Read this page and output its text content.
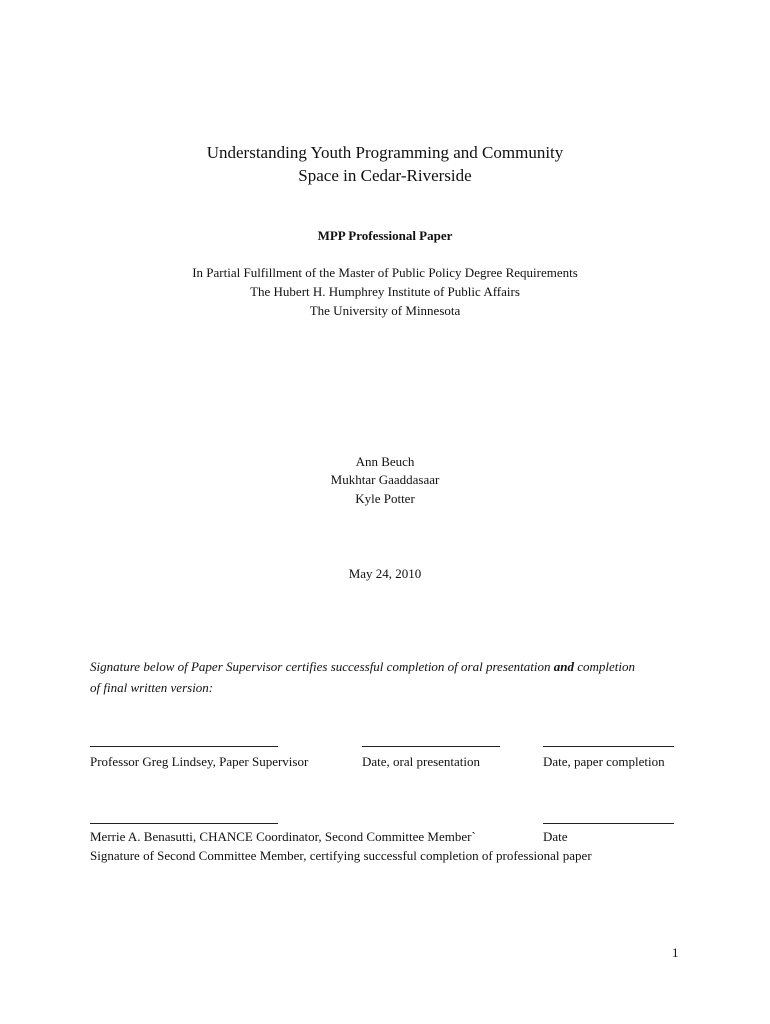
Understanding Youth Programming and Community
Space in Cedar-Riverside
MPP Professional Paper
In Partial Fulfillment of the Master of Public Policy Degree Requirements
The Hubert H. Humphrey Institute of Public Affairs
The University of Minnesota
Ann Beuch
Mukhtar Gaaddasaar
Kyle Potter
May 24, 2010
Signature below of Paper Supervisor certifies successful completion of oral presentation and completion
of final written version:
Professor Greg Lindsey, Paper Supervisor	Date, oral presentation	Date, paper completion
Merrie A. Benasutti, CHANCE Coordinator, Second Committee Member`	Date
Signature of Second Committee Member, certifying successful completion of professional paper
1
